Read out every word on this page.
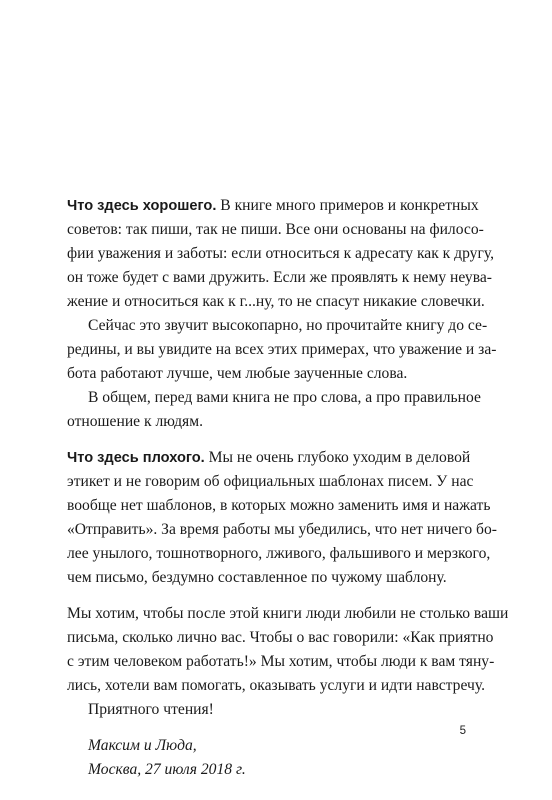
Что здесь хорошего. В книге много примеров и конкретных
советов: так пиши, так не пиши. Все они основаны на филосо-
фии уважения и заботы: если относиться к адресату как к другу,
он тоже будет с вами дружить. Если же проявлять к нему неува-
жение и относиться как к г...ну, то не спасут никакие словечки.
Сейчас это звучит высокопарно, но прочитайте книгу до се-
редины, и вы увидите на всех этих примерах, что уважение и за-
бота работают лучше, чем любые заученные слова.
В общем, перед вами книга не про слова, а про правильное
отношение к людям.
Что здесь плохого. Мы не очень глубоко уходим в деловой
этикет и не говорим об официальных шаблонах писем. У нас
вообще нет шаблонов, в которых можно заменить имя и нажать
«Отправить». За время работы мы убедились, что нет ничего бо-
лее унылого, тошнотворного, лживого, фальшивого и мерзкого,
чем письмо, бездумно составленное по чужому шаблону.
Мы хотим, чтобы после этой книги люди любили не столько ваши
письма, сколько лично вас. Чтобы о вас говорили: «Как приятно
с этим человеком работать!» Мы хотим, чтобы люди к вам тяну-
лись, хотели вам помогать, оказывать услуги и идти навстречу.
Приятного чтения!
Максим и Люда,
Москва, 27 июля 2018 г.
5
